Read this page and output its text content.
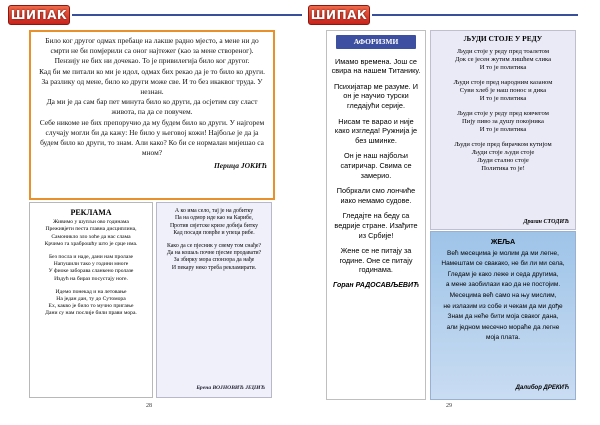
ШИПАК

Било ког другог одмах пребаце на лакше радно мјесто, а мене ни до смрти не би помјерили са оног најтежег (као за мене створеног). Пензију не бих ни дочекао. То је привилегија било ког другог.

Кад би ме питали ко ми је идол, одмах бих рекао да је то било ко други. За разлику од мене, било ко други може све. И то без икаквог труда. У незнан.

Да ми је да сам бар пет минута било ко други, да осјетим сву сласт живота, па да се повучем.

Себе никоме не бих препоручио да му будем било ко други. У најгорем случају могли би да кажу: Не било у његовој кожи! Најбоље је да ја будем било ко други, то знам. Али како? Ко би се нормалан мијешао са мном?

Перица ЈОКИЋ
РЕКЛАМА

Живимо у шупљи ово годинама
Преживјети песта главна дисциплина,
Самоникло зло хоће да нас слама
Крчимо га храброшћу што је срце има.

Без посла и наде, дани нам пролазе
Напушили тако у години многе
У фиоке заборава сланкено пролазе
Издућ на бираз посустају ноге.

Идемо понекад и на летовање
На један дан, ту до Сутомора
Ех, какво је било то мучно пригање
Дани су нам послије били прави мора.

А ко има село, тај је на добитку
Па на одмор иде као на Карибе,
Против свјетске кризе добија битку
Кад посади поврће и упеца рибе.

Како да се пјесник у свему том снађе?
Да на кошаљ почне пјесме продавати?
За збирку мора спонзора да нађе
И пекару неко треба рекламирати.

Брена ВОЈНОВИЋ ЈЕЏИЋ
28
ШИПАК
АФОРИЗМИ

Имамо времена. Још се свира на нашем Титанику.

Психијатар ме разуме. И он је научио турски гледајући серије.

Нисам те варао и није како изгледа! Ружнија је без шминке.

Он је наш најбољи сатиричар. Свима се замерио.

Побркали смо лончиће иако немамо судове.

Гледајте на беду са ведрије стране. Изађите из Србије!

Жене се не питају за године. Оне се питају годинама.

Горан РАДОСАВЉЕВИЋ
ЉУДИ СТОЈЕ У РЕДУ

Људи стоје у реду пред тоалетом
Док се јесен жутим лишћем слика
И то је политика

Људи стоје пред народним казаном
Суви хлеб је наш понос и дика
И то је политика

Људи стоје у реду пред ковчегом
Пију пиво за душу покојника
И то је политика

Људи стоје пред бирачком кутијом
Људи стоје људи стоје
Људи стално стоје
Политика то је!

Драган СТОДИЋ
ЖЕЉА

Већ месецима је молим да ми легне,

Намештам се свакако, не би ли ми села,

Гледам је како леже и седа другима,

а мене заобилази као да не постојим.

Месецима већ само на њу мислим,

не излазим из собе и чекам да ми дође

Знам да неће бити моја сваког дана,

али једном месечно мораће да легне

моја плата.

Далибор ДРЕКИЋ
29
